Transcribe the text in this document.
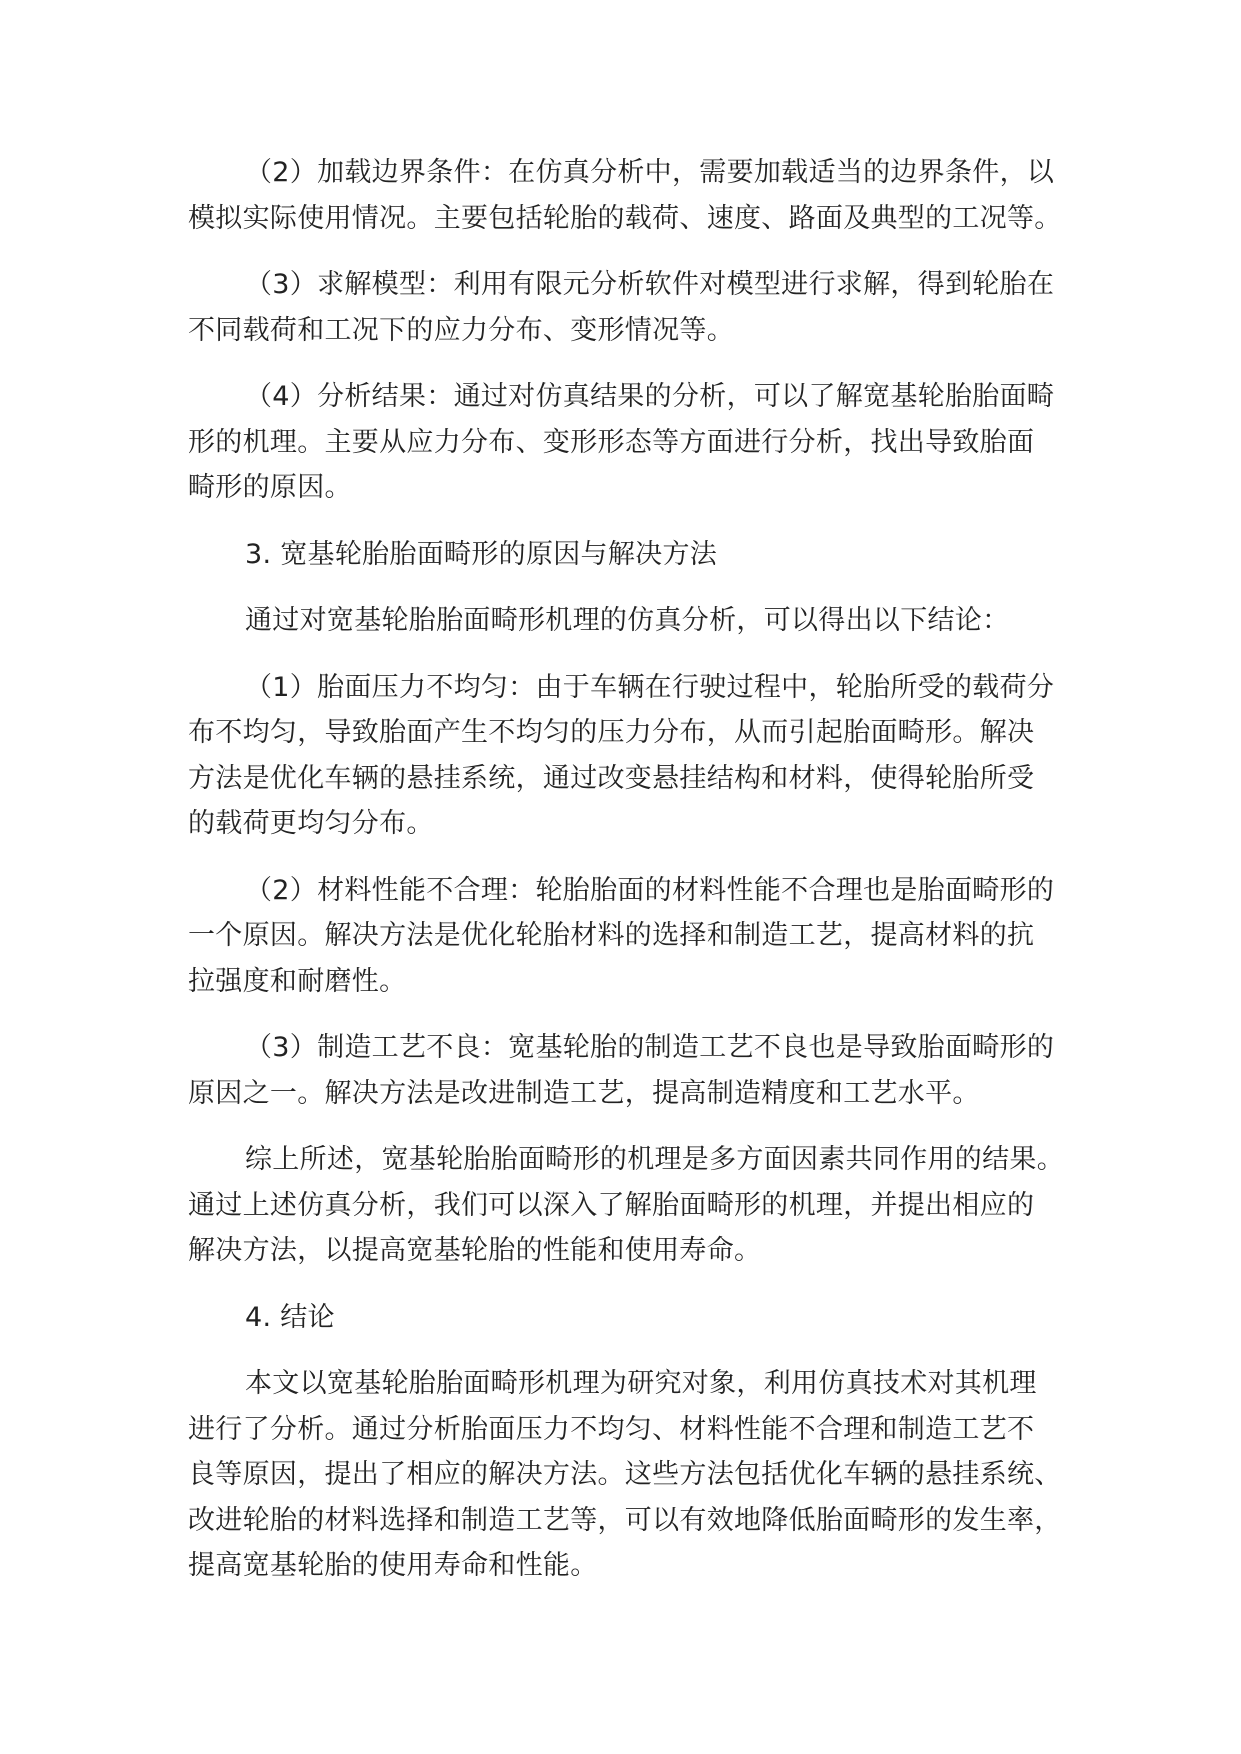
（2）加载边界条件：在仿真分析中，需要加载适当的边界条件，以
模拟实际使用情况。主要包括轮胎的载荷、速度、路面及典型的工况等。
（3）求解模型：利用有限元分析软件对模型进行求解，得到轮胎在
不同载荷和工况下的应力分布、变形情况等。
（4）分析结果：通过对仿真结果的分析，可以了解宽基轮胎胎面畸
形的机理。主要从应力分布、变形形态等方面进行分析，找出导致胎面
畸形的原因。
3. 宽基轮胎胎面畸形的原因与解决方法
通过对宽基轮胎胎面畸形机理的仿真分析，可以得出以下结论：
（1）胎面压力不均匀：由于车辆在行驶过程中，轮胎所受的载荷分
布不均匀，导致胎面产生不均匀的压力分布，从而引起胎面畸形。解决
方法是优化车辆的悬挂系统，通过改变悬挂结构和材料，使得轮胎所受
的载荷更均匀分布。
（2）材料性能不合理：轮胎胎面的材料性能不合理也是胎面畸形的
一个原因。解决方法是优化轮胎材料的选择和制造工艺，提高材料的抗
拉强度和耐磨性。
（3）制造工艺不良：宽基轮胎的制造工艺不良也是导致胎面畸形的
原因之一。解决方法是改进制造工艺，提高制造精度和工艺水平。
综上所述，宽基轮胎胎面畸形的机理是多方面因素共同作用的结果。
通过上述仿真分析，我们可以深入了解胎面畸形的机理，并提出相应的
解决方法，以提高宽基轮胎的性能和使用寿命。
4. 结论
本文以宽基轮胎胎面畸形机理为研究对象，利用仿真技术对其机理
进行了分析。通过分析胎面压力不均匀、材料性能不合理和制造工艺不
良等原因，提出了相应的解决方法。这些方法包括优化车辆的悬挂系统、
改进轮胎的材料选择和制造工艺等，可以有效地降低胎面畸形的发生率，
提高宽基轮胎的使用寿命和性能。
